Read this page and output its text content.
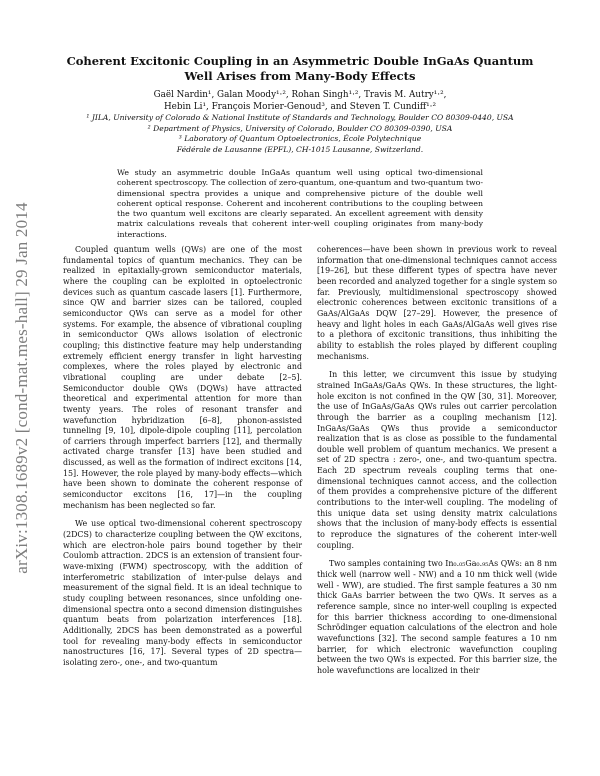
arXiv:1308.1689v2 [cond-mat.mes-hall] 29 Jan 2014
Coherent Excitonic Coupling in an Asymmetric Double InGaAs Quantum Well Arises from Many-Body Effects
Gaël Nardin¹, Galan Moody¹·², Rohan Singh¹·², Travis M. Autry¹·²,
Hebin Li¹, François Morier-Genoud³, and Steven T. Cundiff¹·²
¹ JILA, University of Colorado & National Institute of Standards and Technology, Boulder CO 80309-0440, USA
² Department of Physics, University of Colorado, Boulder CO 80309-0390, USA
³ Laboratory of Quantum Optoelectronics, École Polytechnique
Fédérale de Lausanne (EPFL), CH-1015 Lausanne, Switzerland.
We study an asymmetric double InGaAs quantum well using optical two-dimensional coherent spectroscopy. The collection of zero-quantum, one-quantum and two-quantum two-dimensional spectra provides a unique and comprehensive picture of the double well coherent optical response. Coherent and incoherent contributions to the coupling between the two quantum well excitons are clearly separated. An excellent agreement with density matrix calculations reveals that coherent inter-well coupling originates from many-body interactions.

Coupled quantum wells (QWs) are one of the most fundamental topics of quantum mechanics. They can be realized in epitaxially-grown semiconductor materials, where the coupling can be exploited in optoelectronic devices such as quantum cascade lasers [1]. Furthermore, since QW and barrier sizes can be tailored, coupled semiconductor QWs can serve as a model for other systems. For example, the absence of vibrational coupling in semiconductor QWs allows isolation of electronic coupling; this distinctive feature may help understanding extremely efficient energy transfer in light harvesting complexes, where the roles played by electronic and vibrational coupling are under debate [2–5]. Semiconductor double QWs (DQWs) have attracted theoretical and experimental attention for more than twenty years. The roles of resonant transfer and wavefunction hybridization [6–8], phonon-assisted tunneling [9, 10], dipole-dipole coupling [11], percolation of carriers through imperfect barriers [12], and thermally activated charge transfer [13] have been studied and discussed, as well as the formation of indirect excitons [14, 15]. However, the role played by many-body effects—which have been shown to dominate the coherent response of semiconductor excitons [16, 17]—in the coupling mechanism has been neglected so far.

We use optical two-dimensional coherent spectroscopy (2DCS) to characterize coupling between the QW excitons, which are electron-hole pairs bound together by their Coulomb attraction. 2DCS is an extension of transient four-wave-mixing (FWM) spectroscopy, with the addition of interferometric stabilization of inter-pulse delays and measurement of the signal field. It is an ideal technique to study coupling between resonances, since unfolding one-dimensional spectra onto a second dimension distinguishes quantum beats from polarization interferences [18]. Additionally, 2DCS has been demonstrated as a powerful tool for revealing many-body effects in semiconductor nanostructures [16, 17]. Several types of 2D spectra—isolating zero-, one-, and two-quantum

coherences—have been shown in previous work to reveal information that one-dimensional techniques cannot access [19–26], but these different types of spectra have never been recorded and analyzed together for a single system so far. Previously, multidimensional spectroscopy showed electronic coherences between excitonic transitions of a GaAs/AlGaAs DQW [27–29]. However, the presence of heavy and light holes in each GaAs/AlGaAs well gives rise to a plethora of excitonic transitions, thus inhibiting the ability to establish the roles played by different coupling mechanisms.

In this letter, we circumvent this issue by studying strained InGaAs/GaAs QWs. In these structures, the light-hole exciton is not confined in the QW [30, 31]. Moreover, the use of InGaAs/GaAs QWs rules out carrier percolation through the barrier as a coupling mechanism [12]. InGaAs/GaAs QWs thus provide a semiconductor realization that is as close as possible to the fundamental double well problem of quantum mechanics. We present a set of 2D spectra : zero-, one-, and two-quantum spectra. Each 2D spectrum reveals coupling terms that one-dimensional techniques cannot access, and the collection of them provides a comprehensive picture of the different contributions to the inter-well coupling. The modeling of this unique data set using density matrix calculations shows that the inclusion of many-body effects is essential to reproduce the signatures of the coherent inter-well coupling.

Two samples containing two In₀.₀₅Ga₀.₉₅As QWs: an 8 nm thick well (narrow well - NW) and a 10 nm thick well (wide well - WW), are studied. The first sample features a 30 nm thick GaAs barrier between the two QWs. It serves as a reference sample, since no inter-well coupling is expected for this barrier thickness according to one-dimensional Schrödinger equation calculations of the electron and hole wavefunctions [32]. The second sample features a 10 nm barrier, for which electronic wavefunction coupling between the two QWs is expected. For this barrier size, the hole wavefunctions are localized in their
